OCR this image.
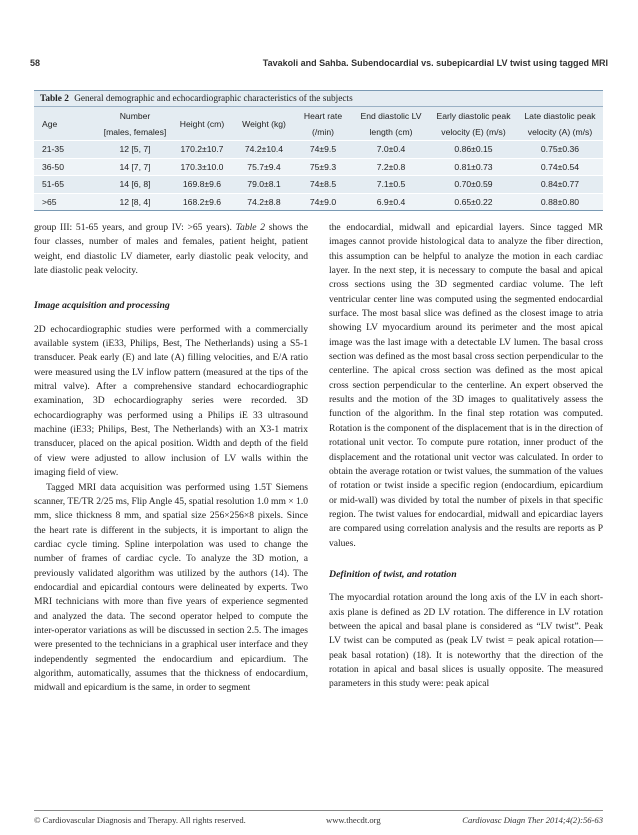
58	Tavakoli and Sahba. Subendocardial vs. subepicardial LV twist using tagged MRI
Table 2 General demographic and echocardiographic characteristics of the subjects
Age	Number	Height (cm)	Weight (kg)	Heart rate	End diastolic LV	Early diastolic peak	Late diastolic peak
	[males, females]			(/min)	length (cm)	velocity (E) (m/s)	velocity (A) (m/s)
21-35	12 [5, 7]	170.2±10.7	74.2±10.4	74±9.5	7.0±0.4	0.86±0.15	0.75±0.36
36-50	14 [7, 7]	170.3±10.0	75.7±9.4	75±9.3	7.2±0.8	0.81±0.73	0.74±0.54
51-65	14 [6, 8]	169.8±9.6	79.0±8.1	74±8.5	7.1±0.5	0.70±0.59	0.84±0.77
>65	12 [8, 4]	168.2±9.6	74.2±8.8	74±9.0	6.9±0.4	0.65±0.22	0.88±0.80

group III: 51-65 years, and group IV: >65 years). Table 2 shows the four classes, number of males and females, patient height, patient weight, end diastolic LV diameter, early diastolic peak velocity, and late diastolic peak velocity.

Image acquisition and processing

2D echocardiographic studies were performed with a commercially available system (iE33, Philips, Best, The Netherlands) using a S5-1 transducer. Peak early (E) and late (A) filling velocities, and E/A ratio were measured using the LV inflow pattern (measured at the tips of the mitral valve). After a comprehensive standard echocardiographic examination, 3D echocardiography series were recorded. 3D echocardiography was performed using a Philips iE 33 ultrasound machine (iE33; Philips, Best, The Netherlands) with an X3-1 matrix transducer, placed on the apical position. Width and depth of the field of view were adjusted to allow inclusion of LV walls within the imaging field of view.

Tagged MRI data acquisition was performed using 1.5T Siemens scanner, TE/TR 2/25 ms, Flip Angle 45, spatial resolution 1.0 mm × 1.0 mm, slice thickness 8 mm, and spatial size 256×256×8 pixels. Since the heart rate is different in the subjects, it is important to align the cardiac cycle timing. Spline interpolation was used to change the number of frames of cardiac cycle. To analyze the 3D motion, a previously validated algorithm was utilized by the authors (14). The endocardial and epicardial contours were delineated by experts. Two MRI technicians with more than five years of experience segmented and analyzed the data. The second operator helped to compute the inter-operator variations as will be discussed in section 2.5. The images were presented to the technicians in a graphical user interface and they independently segmented the endocardium and epicardium. The algorithm, automatically, assumes that the thickness of endocardium, midwall and epicardium is the same, in order to segment

the endocardial, midwall and epicardial layers. Since tagged MR images cannot provide histological data to analyze the fiber direction, this assumption can be helpful to analyze the motion in each cardiac layer. In the next step, it is necessary to compute the basal and apical cross sections using the 3D segmented cardiac volume. The left ventricular center line was computed using the segmented endocardial surface. The most basal slice was defined as the closest image to atria showing LV myocardium around its perimeter and the most apical image was the last image with a detectable LV lumen. The basal cross section was defined as the most basal cross section perpendicular to the centerline. The apical cross section was defined as the most apical cross section perpendicular to the centerline. An expert observed the results and the motion of the 3D images to qualitatively assess the function of the algorithm. In the final step rotation was computed. Rotation is the component of the displacement that is in the direction of rotational unit vector. To compute pure rotation, inner product of the displacement and the rotational unit vector was calculated. In order to obtain the average rotation or twist values, the summation of the values of rotation or twist inside a specific region (endocardium, epicardium or mid-wall) was divided by total the number of pixels in that specific region. The twist values for endocardial, midwall and epicardiac layers are compared using correlation analysis and the results are reports as P values.

Definition of twist, and rotation

The myocardial rotation around the long axis of the LV in each short-axis plane is defined as 2D LV rotation. The difference in LV rotation between the apical and basal plane is considered as “LV twist”. Peak LV twist can be computed as (peak LV twist = peak apical rotation—peak basal rotation) (18). It is noteworthy that the direction of the rotation in apical and basal slices is usually opposite. The measured parameters in this study were: peak apical

© Cardiovascular Diagnosis and Therapy. All rights reserved.	www.thecdt.org	Cardiovasc Diagn Ther 2014;4(2):56-63
